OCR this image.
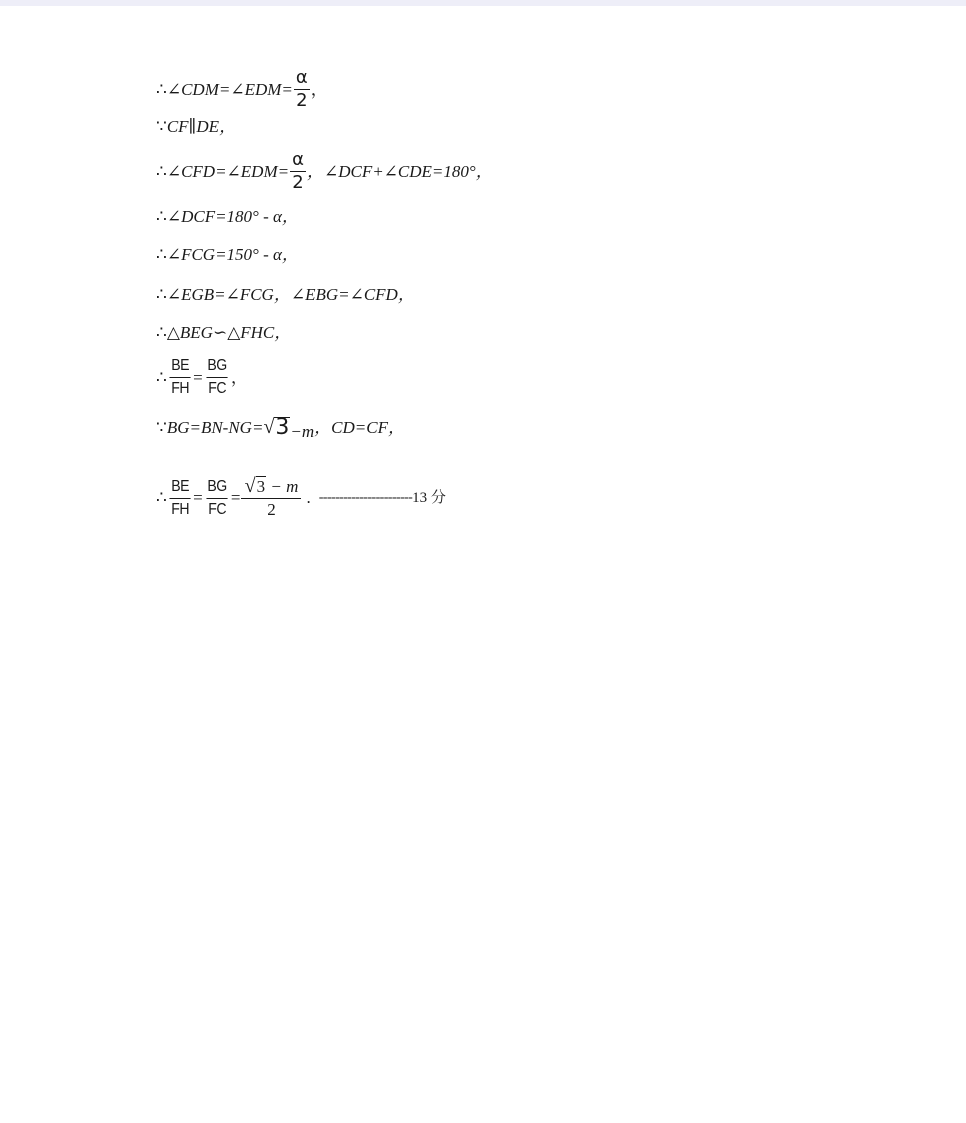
∴ ∠CDM=∠EDM= $\frac{\alpha}{2}$ ，
∵ CF∥DE，
∴ ∠CFD=∠EDM= $\frac{\alpha}{2}$ ，∠DCF+∠CDE=180°，
∴ ∠DCF=180° - α，
∴ ∠FCG=150° - α，
∴ ∠EGB=∠FCG，∠EBG=∠CFD，
∴ △BEG∽△FHC，
∴ $\frac{BE}{FH} = \frac{BG}{FC}$ ，
∵ BG=BN-NG= √ 3 −m ，CD=CF，
∴ $\frac{BE}{FH} = \frac{BG}{FC} = \frac{√ 3 - m}{2}$ . ----------------------- 13 分
